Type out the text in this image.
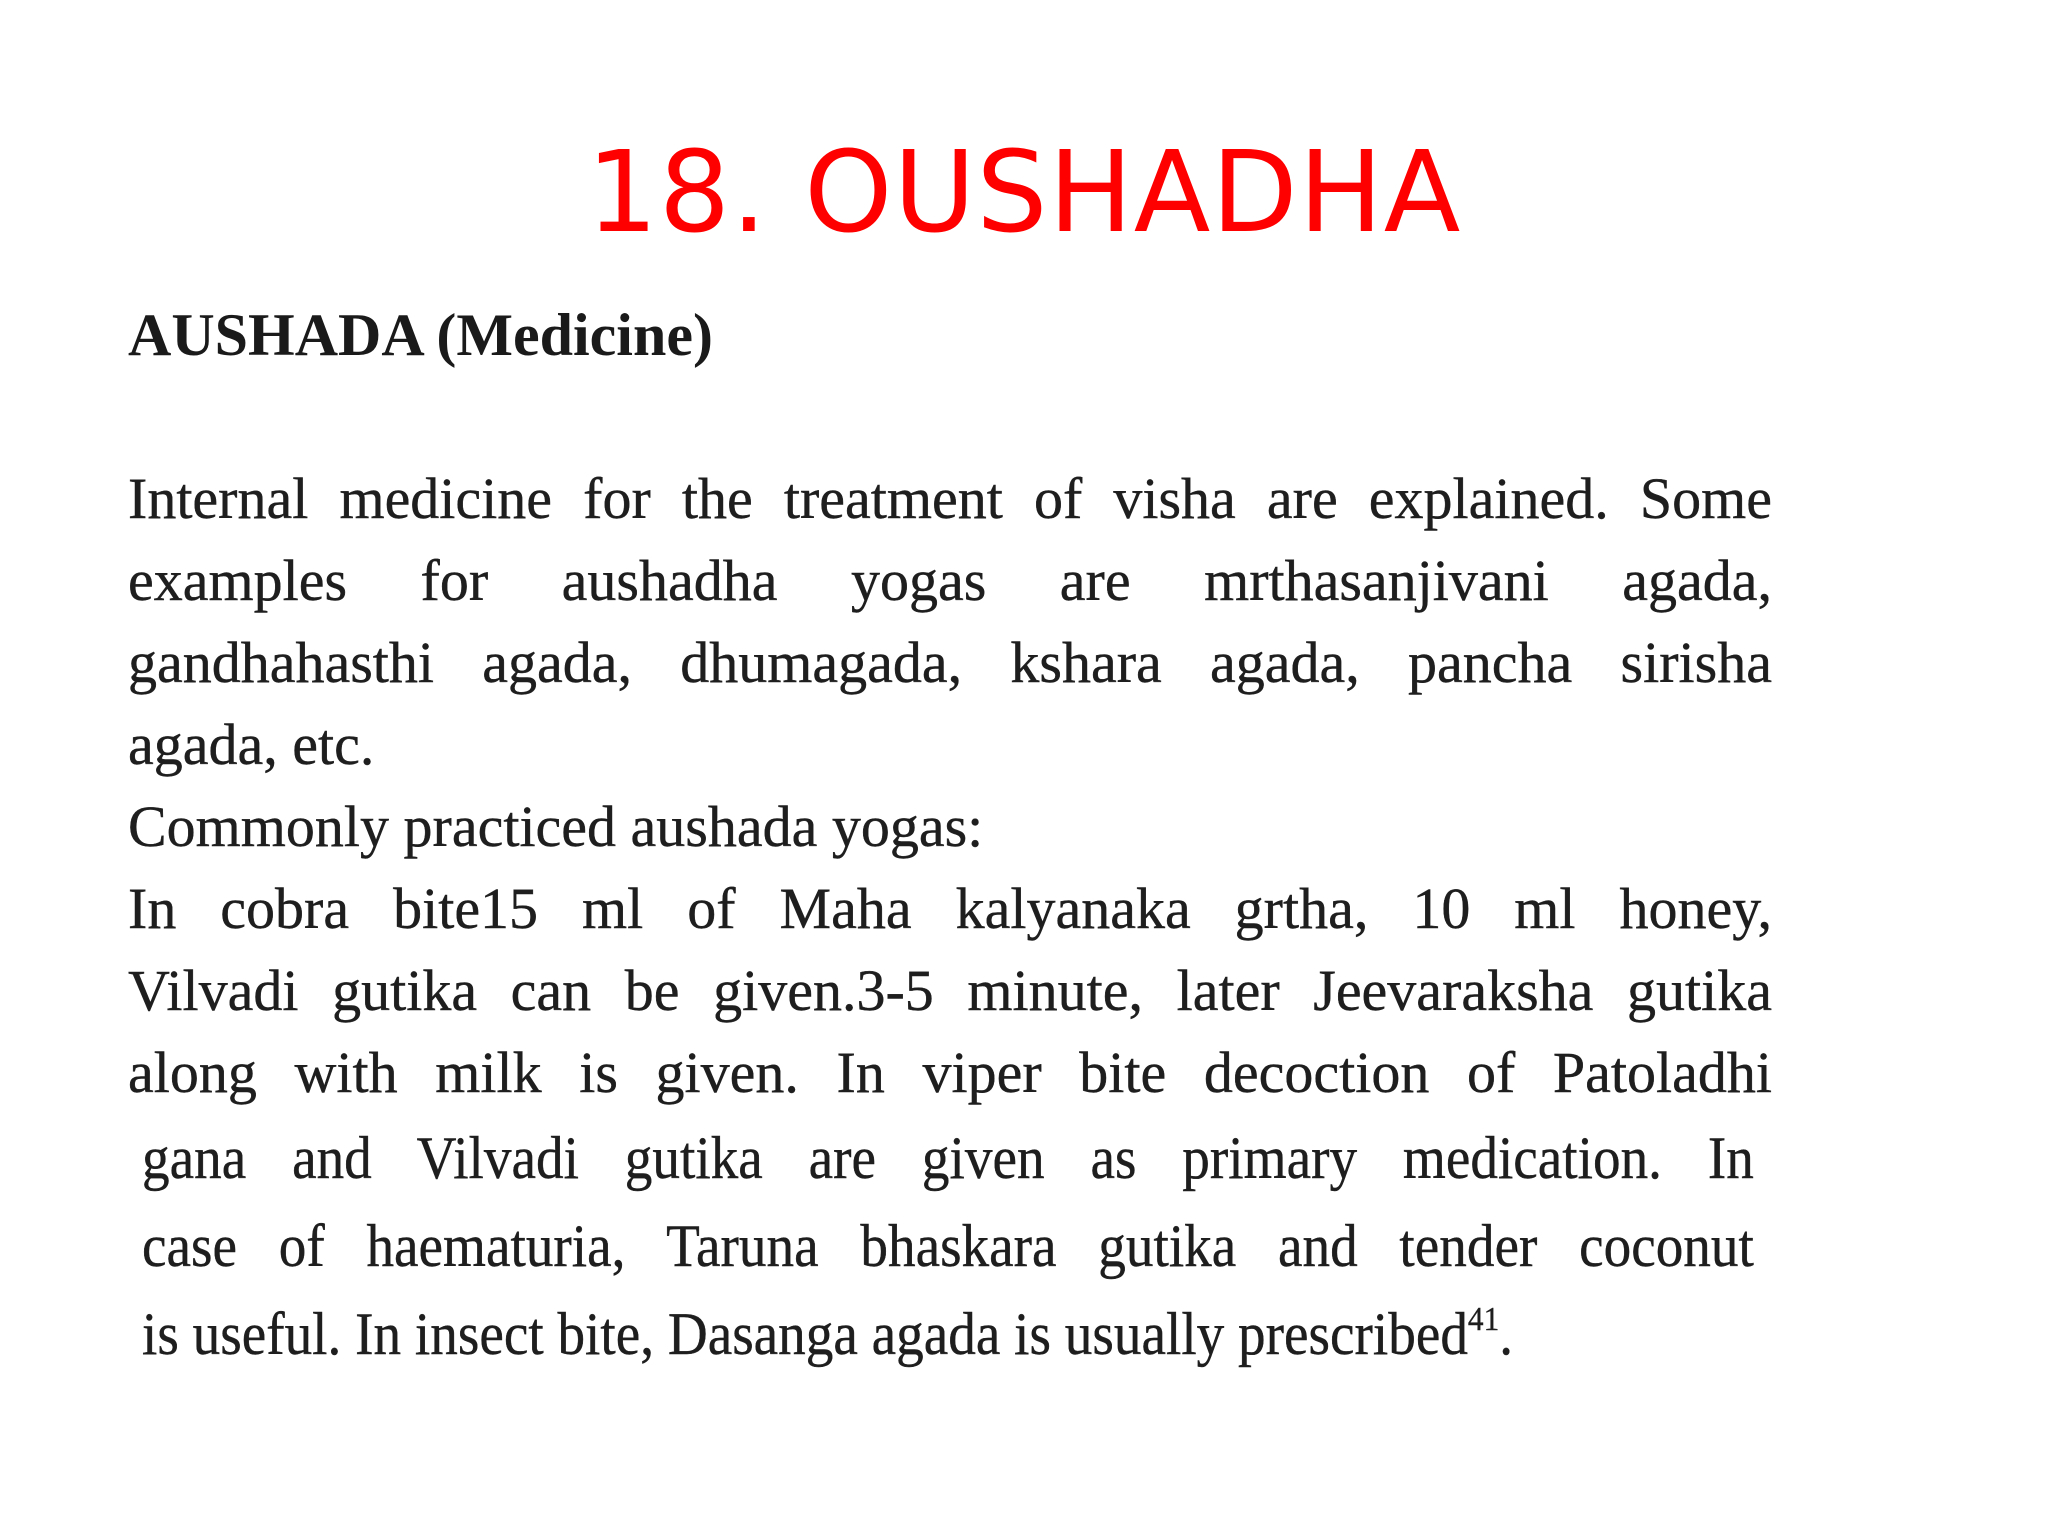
18. OUSHADHA
AUSHADA (Medicine)
Internal medicine for the treatment of visha are explained. Some
examples for aushadha yogas are mrthasanjivani agada,
gandhahasthi agada, dhumagada, kshara agada, pancha sirisha
agada, etc.
Commonly practiced aushada yogas:
In cobra bite15 ml of Maha kalyanaka grtha, 10 ml honey,
Vilvadi gutika can be given.3-5 minute, later Jeevaraksha gutika
along with milk is given. In viper bite decoction of Patoladhi
gana and Vilvadi gutika are given as primary medication. In
case of haematuria, Taruna bhaskara gutika and tender coconut
is useful. In insect bite, Dasanga agada is usually prescribed$^{41}$.
